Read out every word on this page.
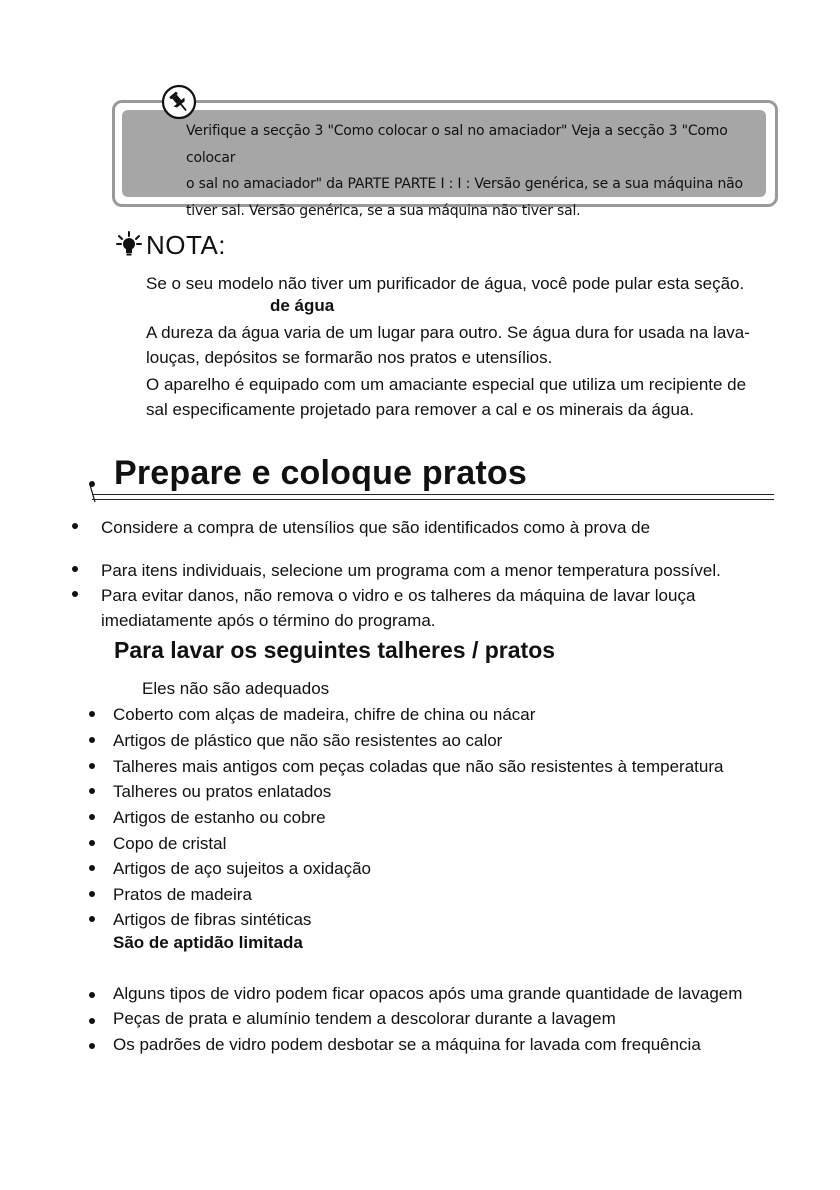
Verifique a secção 3 "Como colocar o sal no amaciador" Veja a secção 3 "Como colocar
o sal no amaciador" da PARTE PARTE Ⅰ : Ⅰ : Versão genérica, se a sua máquina não
tiver sal. Versão genérica, se a sua máquina não tiver sal.
NOTA:
Se o seu modelo não tiver um purificador de água, você pode pular esta seção.
de água
A dureza da água varia de um lugar para outro. Se água dura for usada na lava-
louças, depósitos se formarão nos pratos e utensílios.
O aparelho é equipado com um amaciante especial que utiliza um recipiente de
sal especificamente projetado para remover a cal e os minerais da água.
Prepare e coloque pratos
Considere a compra de utensílios que são identificados como à prova de
Para itens individuais, selecione um programa com a menor temperatura possível.
Para evitar danos, não remova o vidro e os talheres da máquina de lavar louça
imediatamente após o término do programa.
Para lavar os seguintes talheres / pratos
Eles não são adequados
Coberto com alças de madeira, chifre de china ou nácar
Artigos de plástico que não são resistentes ao calor
Talheres mais antigos com peças coladas que não são resistentes à temperatura
Talheres ou pratos enlatados
Artigos de estanho ou cobre
Copo de cristal
Artigos de aço sujeitos a oxidação
Pratos de madeira
Artigos de fibras sintéticas
São de aptidão limitada
Alguns tipos de vidro podem ficar opacos após uma grande quantidade de lavagem
Peças de prata e alumínio tendem a descolorar durante a lavagem
Os padrões de vidro podem desbotar se a máquina for lavada com frequência
